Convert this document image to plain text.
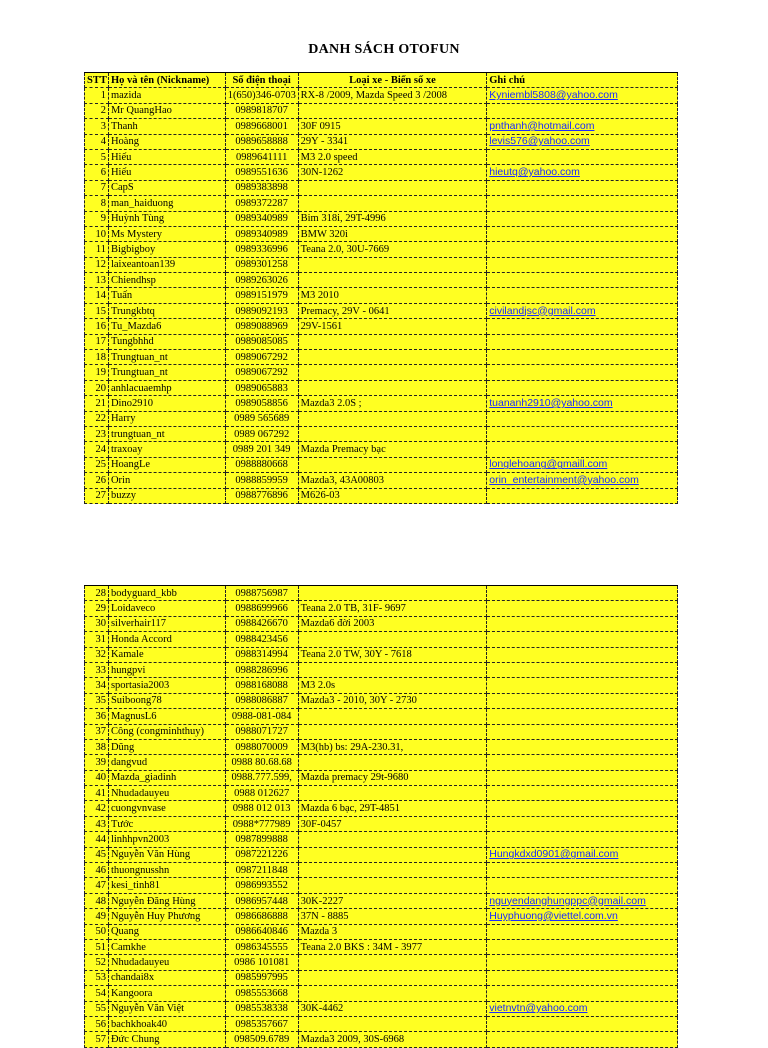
DANH SÁCH OTOFUN
STT	Họ và tên (Nickname)	Số điện thoại	Loại xe - Biển số xe	Ghi chú
1	mazida	1(650)346-0703	RX-8 /2009, Mazda Speed 3 /2008	Kyniembl5808@yahoo.com
2	Mr QuangHao	0989818707		
3	Thanh	0989668001	30F 0915	pnthanh@hotmail.com
4	Hoàng	0989658888	29Y - 3341	levis576@yahoo.com
5	Hiếu	0989641111	M3 2.0 speed	
6	Hiếu	0989551636	30N-1262	hieutq@yahoo.com
7	CapS	0989383898		
8	man_haiduong	0989372287		
9	Huỳnh Tùng	0989340989	Bim 318i, 29T-4996	
10	Ms Mystery	0989340989	BMW 320i	
11	Bigbigboy	0989336996	Teana 2.0, 30U-7669	
12	laixeantoan139	0989301258		
13	Chiendhsp	0989263026		
14	Tuấn	0989151979	M3 2010	
15	Trungkbtq	0989092193	Premacy, 29V - 0641	civilandjsc@gmail.com
16	Tu_Mazda6	0989088969	29V-1561	
17	Tungbhhd	0989085085		
18	Trungtuan_nt	0989067292		
19	Trungtuan_nt	0989067292		
20	anhlacuaemhp	0989065883		
21	Dino2910	0989058856	Mazda3 2.0S ;	tuananh2910@yahoo.com
22	Harry	0989 565689		
23	trungtuan_nt	0989 067292		
24	traxoay	0989 201 349	Mazda Premacy bạc	
25	HoangLe	0988880668		longlehoang@gmaill.com
26	Orin	0988859959	Mazda3, 43A00803	orin_entertainment@yahoo.com
27	buzzy	0988776896	M626-03	
28	bodyguard_kbb	0988756987		
29	Loidaveco	0988699966	Teana 2.0 TB, 31F- 9697	
30	silverhair117	0988426670	Mazda6 đời 2003	
31	Honda Accord	0988423456		
32	Kamale	0988314994	Teana 2.0 TW, 30Y - 7618	
33	hungpvi	0988286996		
34	sportasia2003	0988168088	M3 2.0s	
35	Suiboong78	0988086887	Mazda3 - 2010, 30Y - 2730	
36	MagnusL6	0988-081-084		
37	Công (congminhthuy)	0988071727		
38	Dũng	0988070009	M3(hb) bs: 29A-230.31,	
39	dangvud	0988 80.68.68		
40	Mazda_giadinh	0988.777.599,	Mazda premacy 29t-9680	
41	Nhudadauyeu	0988 012627		
42	cuongvnvase	0988 012 013	Mazda 6 bạc, 29T-4851	
43	Tước	0988*777989	30F-0457	
44	linhhpvn2003	0987899888		
45	Nguyễn Văn Hùng	0987221226		Hungkdxd0901@gmail.com
46	thuongnusshn	0987211848		
47	kesi_tinh81	0986993552		
48	Nguyễn Đăng Hùng	0986957448	30K-2227	nguyendanghungppc@gmail.com
49	Nguyễn Huy Phương	0986686888	37N - 8885	Huyphuong@viettel.com.vn
50	Quang	0986640846	Mazda 3	
51	Camkhe	0986345555	Teana 2.0 BKS : 34M - 3977	
52	Nhudadauyeu	0986 101081		
53	chandai8x	0985997995		
54	Kangoora	0985553668		
55	Nguyễn Văn Việt	0985538338	30K-4462	vietnvtn@yahoo.com
56	bachkhoak40	0985357667		
57	Đức Chung	098509.6789	Mazda3 2009, 30S-6968	
